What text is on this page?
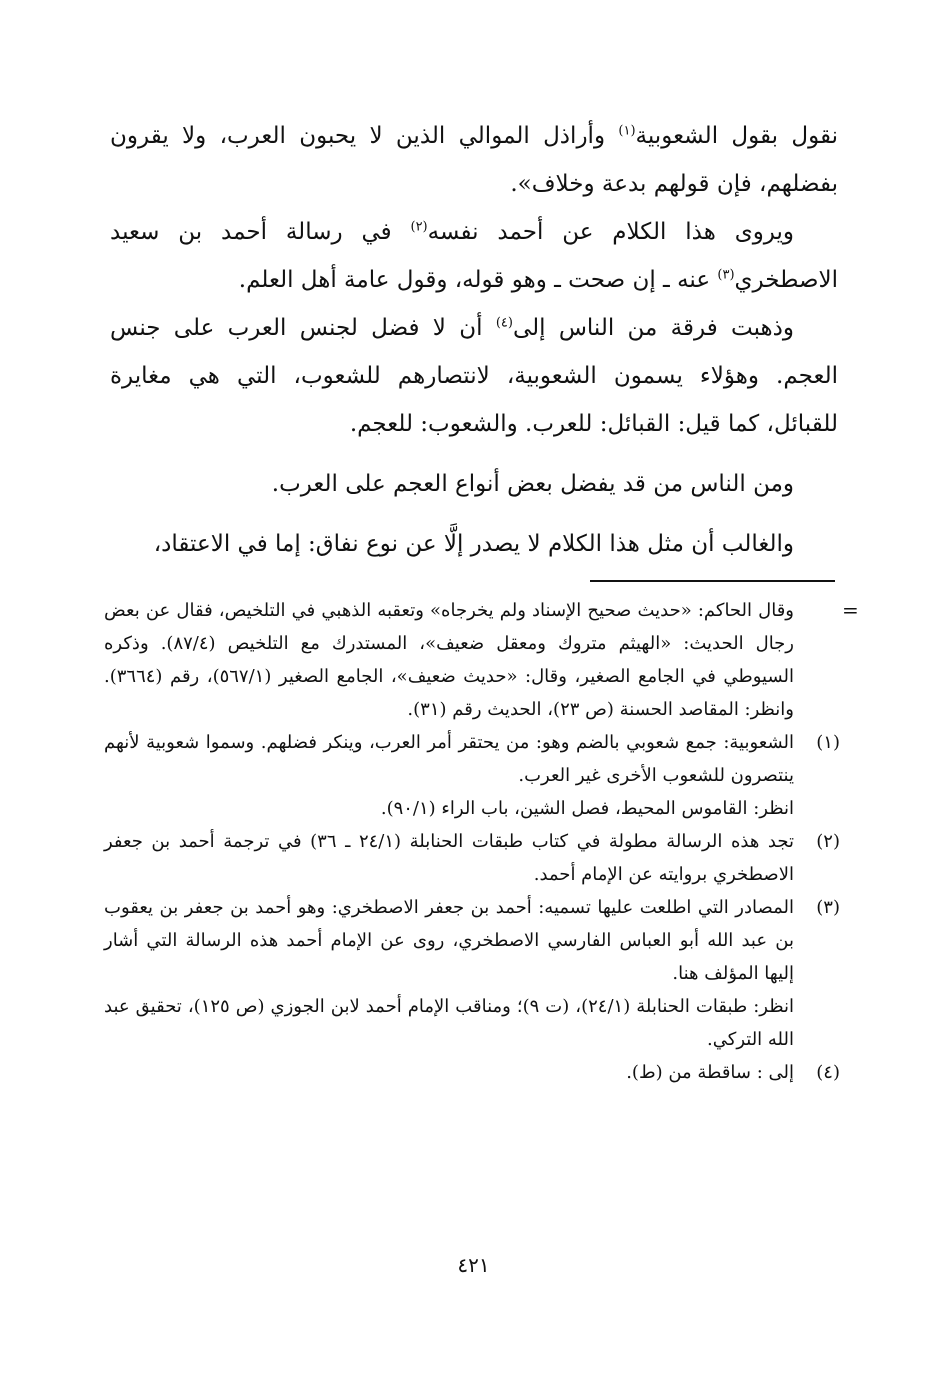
نقول بقول الشعوبية$^{(١)}$ وأراذل الموالي الذين لا يحبون العرب، ولا يقرون بفضلهم، فإن قولهم بدعة وخلاف».

ويروى هذا الكلام عن أحمد نفسه$^{(٢)}$ في رسالة أحمد بن سعيد الاصطخري$^{(٣)}$ عنه ـ إن صحت ـ وهو قوله، وقول عامة أهل العلم.

وذهبت فرقة من الناس إلى$^{(٤)}$ أن لا فضل لجنس العرب على جنس العجم. وهؤلاء يسمون الشعوبية، لانتصارهم للشعوب، التي هي مغايرة للقبائل، كما قيل: القبائل: للعرب. والشعوب: للعجم.

ومن الناس من قد يفضل بعض أنواع العجم على العرب.

والغالب أن مثل هذا الكلام لا يصدر إلَّا عن نوع نفاق: إما في الاعتقاد،

=

وقال الحاكم: «حديث صحيح الإسناد ولم يخرجاه» وتعقبه الذهبي في التلخيص، فقال عن بعض رجال الحديث: «الهيثم متروك ومعقل ضعيف»، المستدرك مع التلخيص (٨٧/٤). وذكره السيوطي في الجامع الصغير، وقال: «حديث ضعيف»، الجامع الصغير (٥٦٧/١)، رقم (٣٦٦٤). وانظر: المقاصد الحسنة (ص ٢٣)، الحديث رقم (٣١).

(١)

الشعوبية: جمع شعوبي بالضم وهو: من يحتقر أمر العرب، وينكر فضلهم. وسموا شعوبية لأنهم ينتصرون للشعوب الأخرى غير العرب.

انظر: القاموس المحيط، فصل الشين، باب الراء (٩٠/١).

(٢)

تجد هذه الرسالة مطولة في كتاب طبقات الحنابلة (٢٤/١ ـ ٣٦) في ترجمة أحمد بن جعفر الاصطخري بروايته عن الإمام أحمد.

(٣)

المصادر التي اطلعت عليها تسميه: أحمد بن جعفر الاصطخري: وهو أحمد بن جعفر بن يعقوب بن عبد الله أبو العباس الفارسي الاصطخري، روى عن الإمام أحمد هذه الرسالة التي أشار إليها المؤلف هنا.

انظر: طبقات الحنابلة (٢٤/١)، (ت ٩)؛ ومناقب الإمام أحمد لابن الجوزي (ص ١٢٥)، تحقيق عبد الله التركي.

(٤)

إلى : ساقطة من (ط).

٤٢١
